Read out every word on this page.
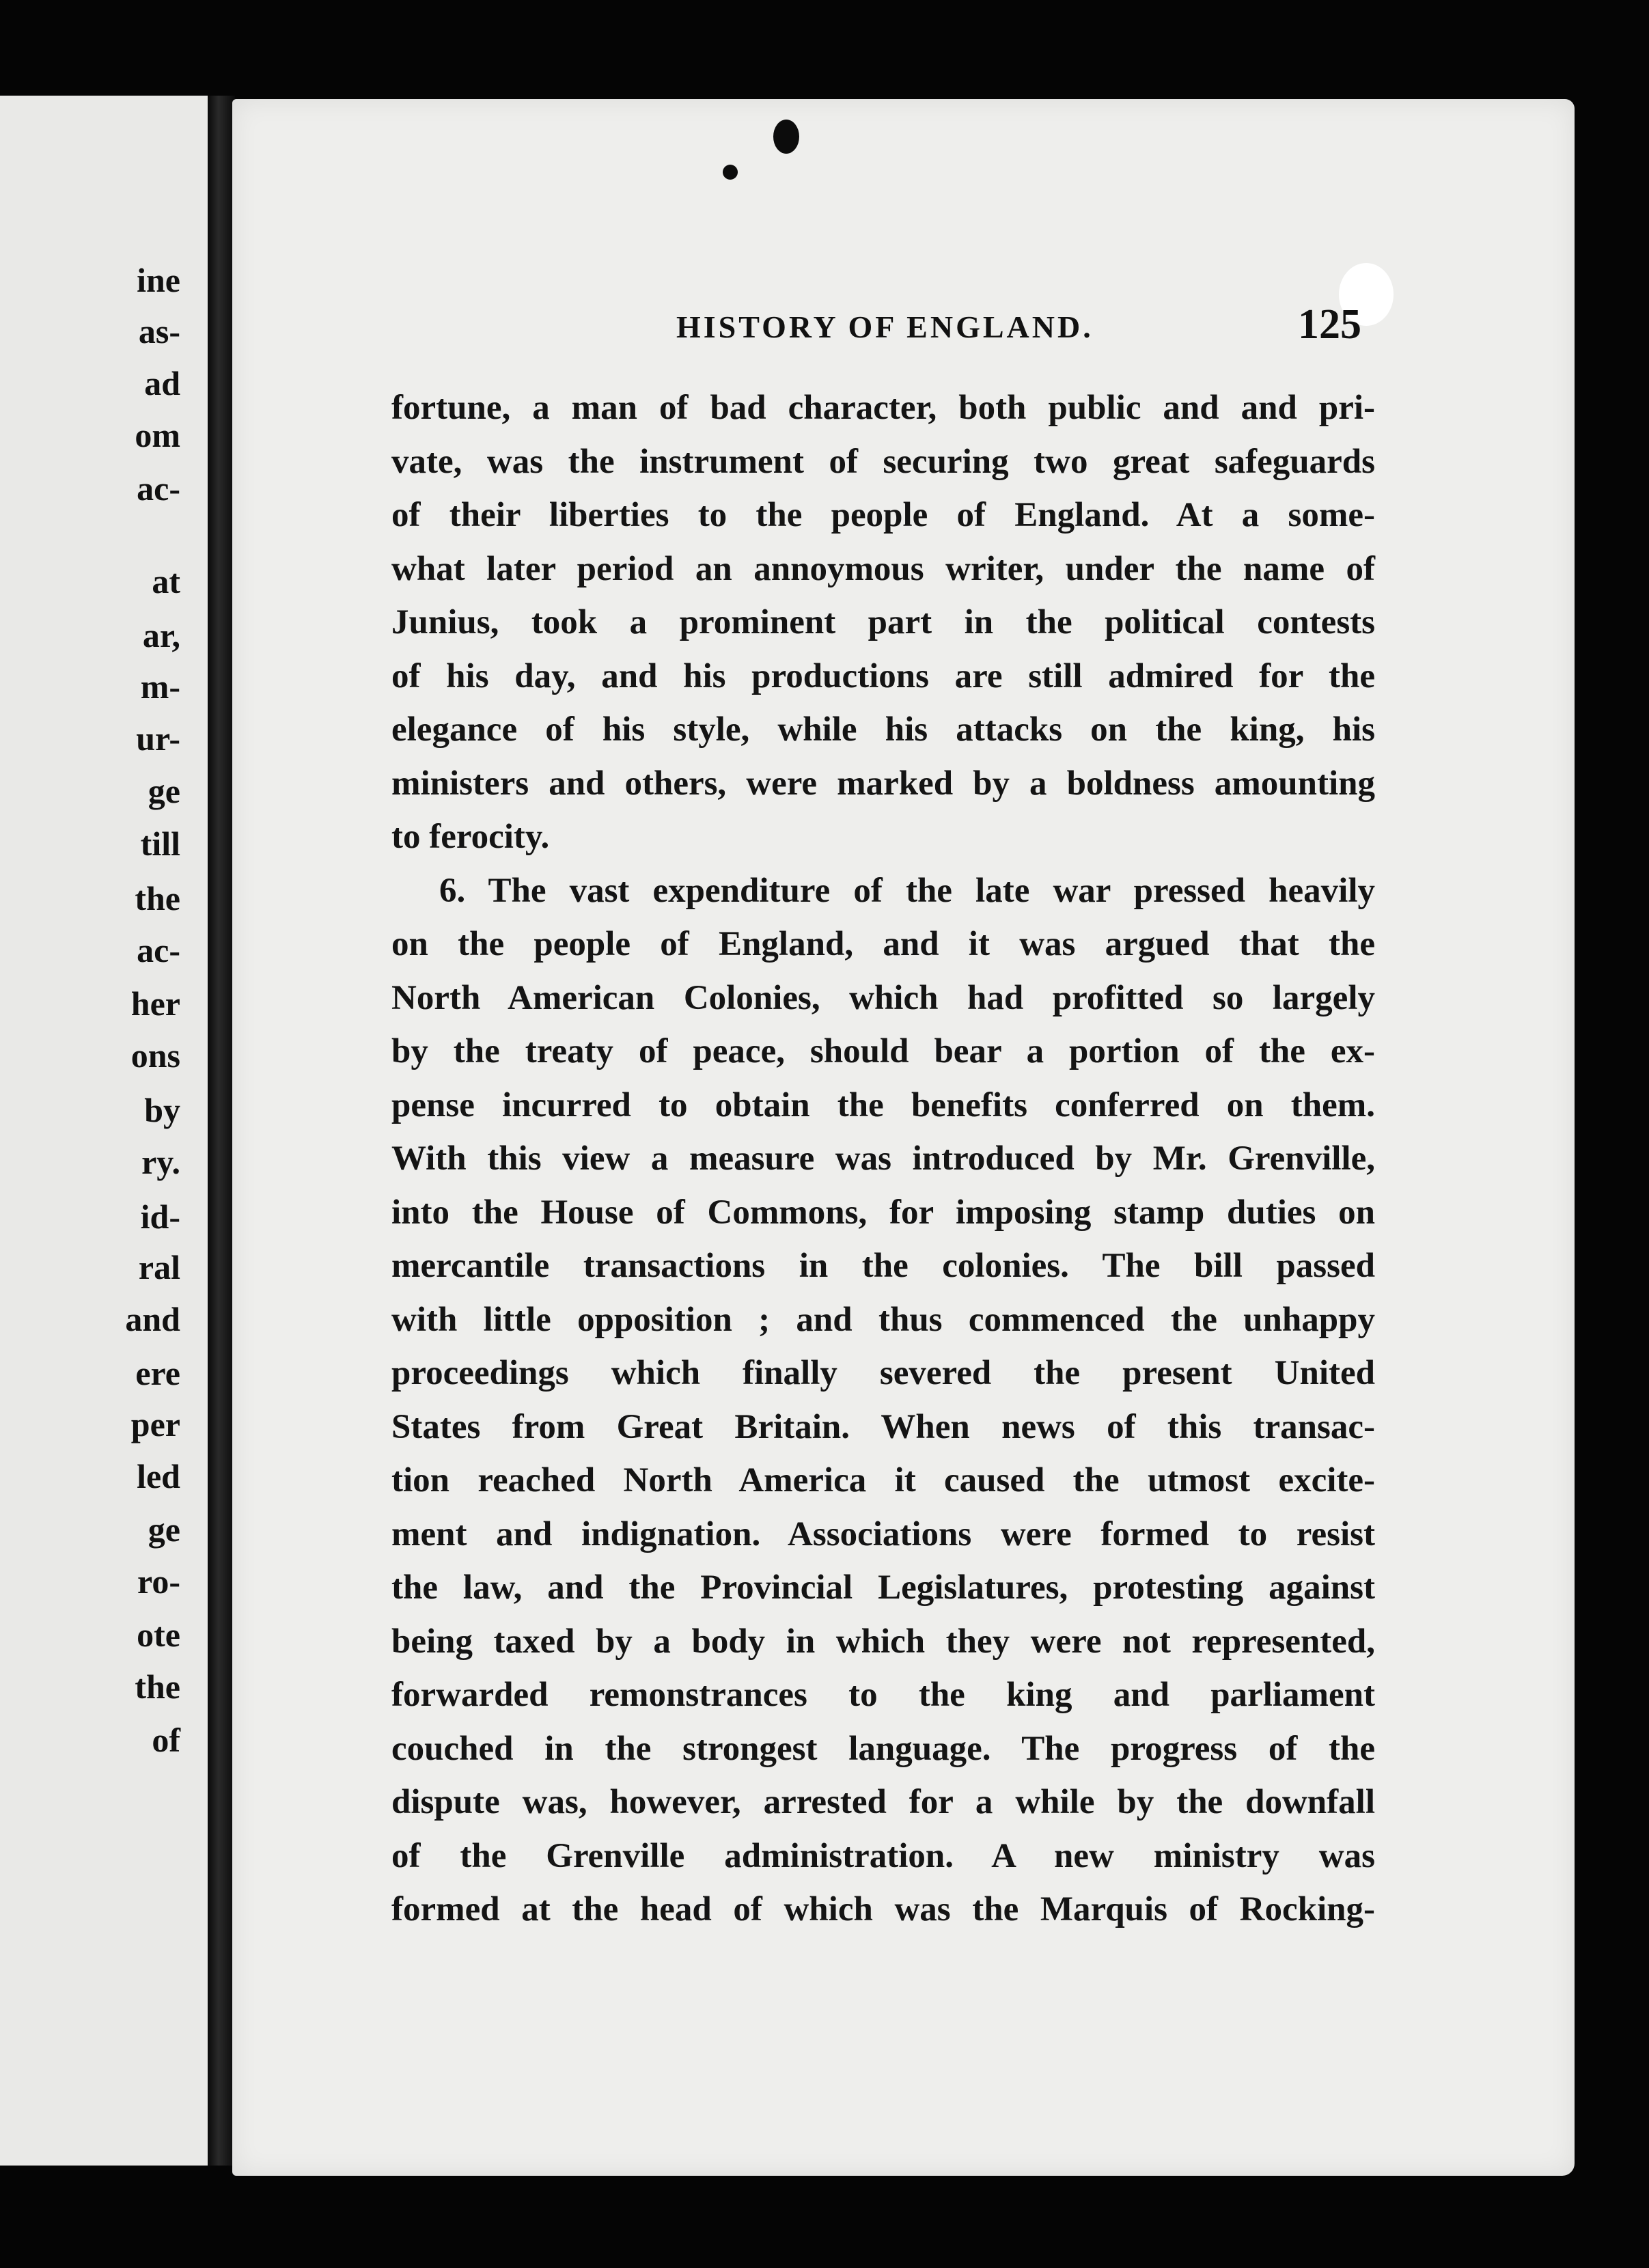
ine
as-
ad
om
ac-
at
ar,
m-
ur-
ge
till
the
ac-
her
ons
by
ry.
id-
ral
and
ere
per
led
ge
ro-
ote
the
of
HISTORY OF ENGLAND.	125
fortune, a man of bad character, both public and and pri-
vate, was the instrument of securing two great safeguards
of their liberties to the people of England. At a some-
what later period an annoymous writer, under the name of
Junius, took a prominent part in the political contests
of his day, and his productions are still admired for the
elegance of his style, while his attacks on the king, his
ministers and others, were marked by a boldness amounting
to ferocity.
6. The vast expenditure of the late war pressed heavily
on the people of England, and it was argued that the
North American Colonies, which had profitted so largely
by the treaty of peace, should bear a portion of the ex-
pense incurred to obtain the benefits conferred on them.
With this view a measure was introduced by Mr. Grenville,
into the House of Commons, for imposing stamp duties on
mercantile transactions in the colonies. The bill passed
with little opposition ; and thus commenced the unhappy
proceedings which finally severed the present United
States from Great Britain. When news of this transac-
tion reached North America it caused the utmost excite-
ment and indignation. Associations were formed to resist
the law, and the Provincial Legislatures, protesting against
being taxed by a body in which they were not represented,
forwarded remonstrances to the king and parliament
couched in the strongest language. The progress of the
dispute was, however, arrested for a while by the downfall
of the Grenville administration. A new ministry was
formed at the head of which was the Marquis of Rocking-
